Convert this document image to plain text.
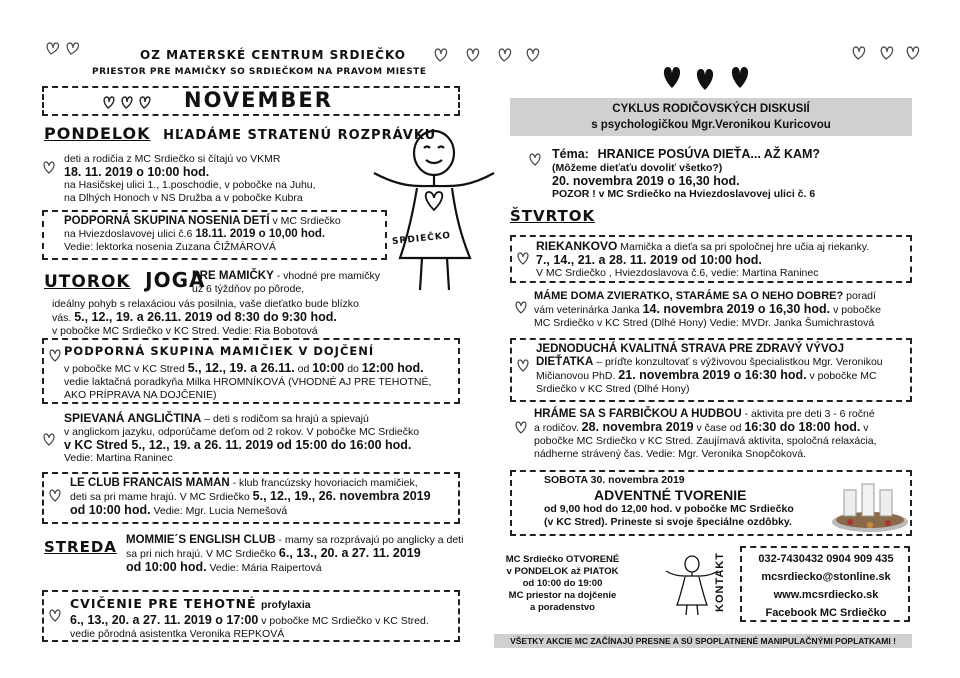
OZ MATERSKÉ CENTRUM SRDIEČKO
PRIESTOR PRE MAMIČKY SO SRDIEČKOM NA PRAVOM MIESTE
NOVEMBER
PONDELOK HĽADÁME STRATENÚ ROZPRÁVKU

deti a rodičia z MC Srdiečko si čítajú vo VKMR

18. 11. 2019 o 10:00 hod.

na Hasičskej ulici 1., 1.poschodie, v pobočke na Juhu,

na Dlhých Honoch v NS Družba a v pobočke Kubra

PODPORNÁ SKUPINA NOSENIA DETÍ v MC Srdiečko

na Hviezdoslavovej ulici č.6 18.11. 2019 o 10,00 hod.

Vedie: lektorka nosenia Zuzana ČIŽMÁROVÁ	SRDIEČKO
UTOROK JOGA

PRE MAMIČKY - vhodné pre mamičky už 6 týždňov po pôrode,

ideálny pohyb s relaxáciou vás posilnia, vaše dieťatko bude blízko

vás. 5., 12., 19. a 26.11. 2019 od 8:30 do 9:30 hod.

v pobočke MC Srdiečko v KC Stred. Vedie: Ria Bobotová

PODPORNÁ SKUPINA MAMIČIEK V DOJČENÍ

v pobočke MC v KC Stred 5., 12., 19. a 26.11. od 10:00 do 12:00 hod.

vedie laktačná poradkyňa Milka HROMNÍKOVÁ (VHODNÉ AJ PRE TEHOTNÉ,

AKO PRÍPRAVA NA DOJČENIE)

SPIEVANÁ ANGLIČTINA – deti s rodičom sa hrajú a spievajú

v anglickom jazyku, odporúčame deťom od 2 rokov. V pobočke MC Srdiečko

v KC Stred 5., 12., 19. a 26. 11. 2019 od 15:00 do 16:00 hod.

Vedie: Martina Raninec

LE CLUB FRANCAIS MAMAN - klub francúzsky hovoriacich mamičiek,

deti sa pri mame hrajú. V MC Srdiečko 5., 12., 19., 26. novembra 2019

od 10:00 hod. Vedie: Mgr. Lucia Nemešová

STREDA MOMMIE´S ENGLISH CLUB - mamy sa rozprávajú po anglicky a deti

sa pri nich hrajú. V MC Srdiečko 6., 13., 20. a 27. 11. 2019

od 10:00 hod. Vedie: Mária Raipertová

CVIČENIE PRE TEHOTNÉ profylaxia

6., 13., 20. a 27. 11. 2019 o 17:00 v pobočke MC Srdiečko v KC Stred.

vedie pôrodná asistentka Veronika REPKOVÁ

CYKLUS RODIČOVSKÝCH DISKUSIÍ

s psychologičkou Mgr.Veronikou Kuricovou

Téma: HRANICE POSÚVA DIEŤA... AŽ KAM?

(Môžeme dieťaťu dovoliť všetko?)

20. novembra 2019 o 16,30 hod.

POZOR ! v MC Srdiečko na Hviezdoslavovej ulici č. 6

ŠTVRTOK

RIEKANKOVO Mamička a dieťa sa pri spoločnej hre učia aj riekanky.

7., 14., 21. a 28. 11. 2019 od 10:00 hod.

V MC Srdiečko , Hviezdoslavova č.6, vedie: Martina Raninec

MÁME DOMA ZVIERATKO, STARÁME SA O NEHO DOBRE? poradí

vám veterinárka Janka 14. novembra 2019 o 16,30 hod. v pobočke

MC Srdiečko v KC Stred (Dlhé Hony) Vedie: MVDr. Janka Šumichrastová

JEDNODUCHÁ KVALITNÁ STRAVA PRE ZDRAVÝ VÝVOJ

DIEŤATKA – príďte konzultovať s výživovou špecialistkou Mgr. Veronikou

Mičianovou PhD. 21. novembra 2019 o 16:30 hod. v pobočke MC

Srdiečko v KC Stred (Dlhé Hony)

HRÁME SA S FARBIČKOU A HUDBOU - aktivita pre deti 3 - 6 ročné

a rodičov. 28. novembra 2019 v čase od 16:30 do 18:00 hod. v

pobočke MC Srdiečko v KC Stred. Zaujímavá aktivita, spoločná relaxácia,

nádherne strávený čas. Vedie: Mgr. Veronika Snopčoková.

SOBOTA 30. novembra 2019

ADVENTNÉ TVORENIE

od 9,00 hod do 12,00 hod. v pobočke MC Srdiečko

(v KC Stred). Prineste si svoje špeciálne ozdôbky.

MC Srdiečko OTVORENÉ

v PONDELOK až PIATOK

od 10:00 do 19:00

MC priestor na dojčenie

a poradenstvo	KONTAKT	032-7430432 0904 909 435

mcsrdiecko@stonline.sk

www.mcsrdiecko.sk

Facebook MC Srdiečko

VŠETKY AKCIE MC ZAČÍNAJÚ PRESNE A SÚ SPOPLATNENÉ MANIPULAČNÝMI POPLATKAMI !
